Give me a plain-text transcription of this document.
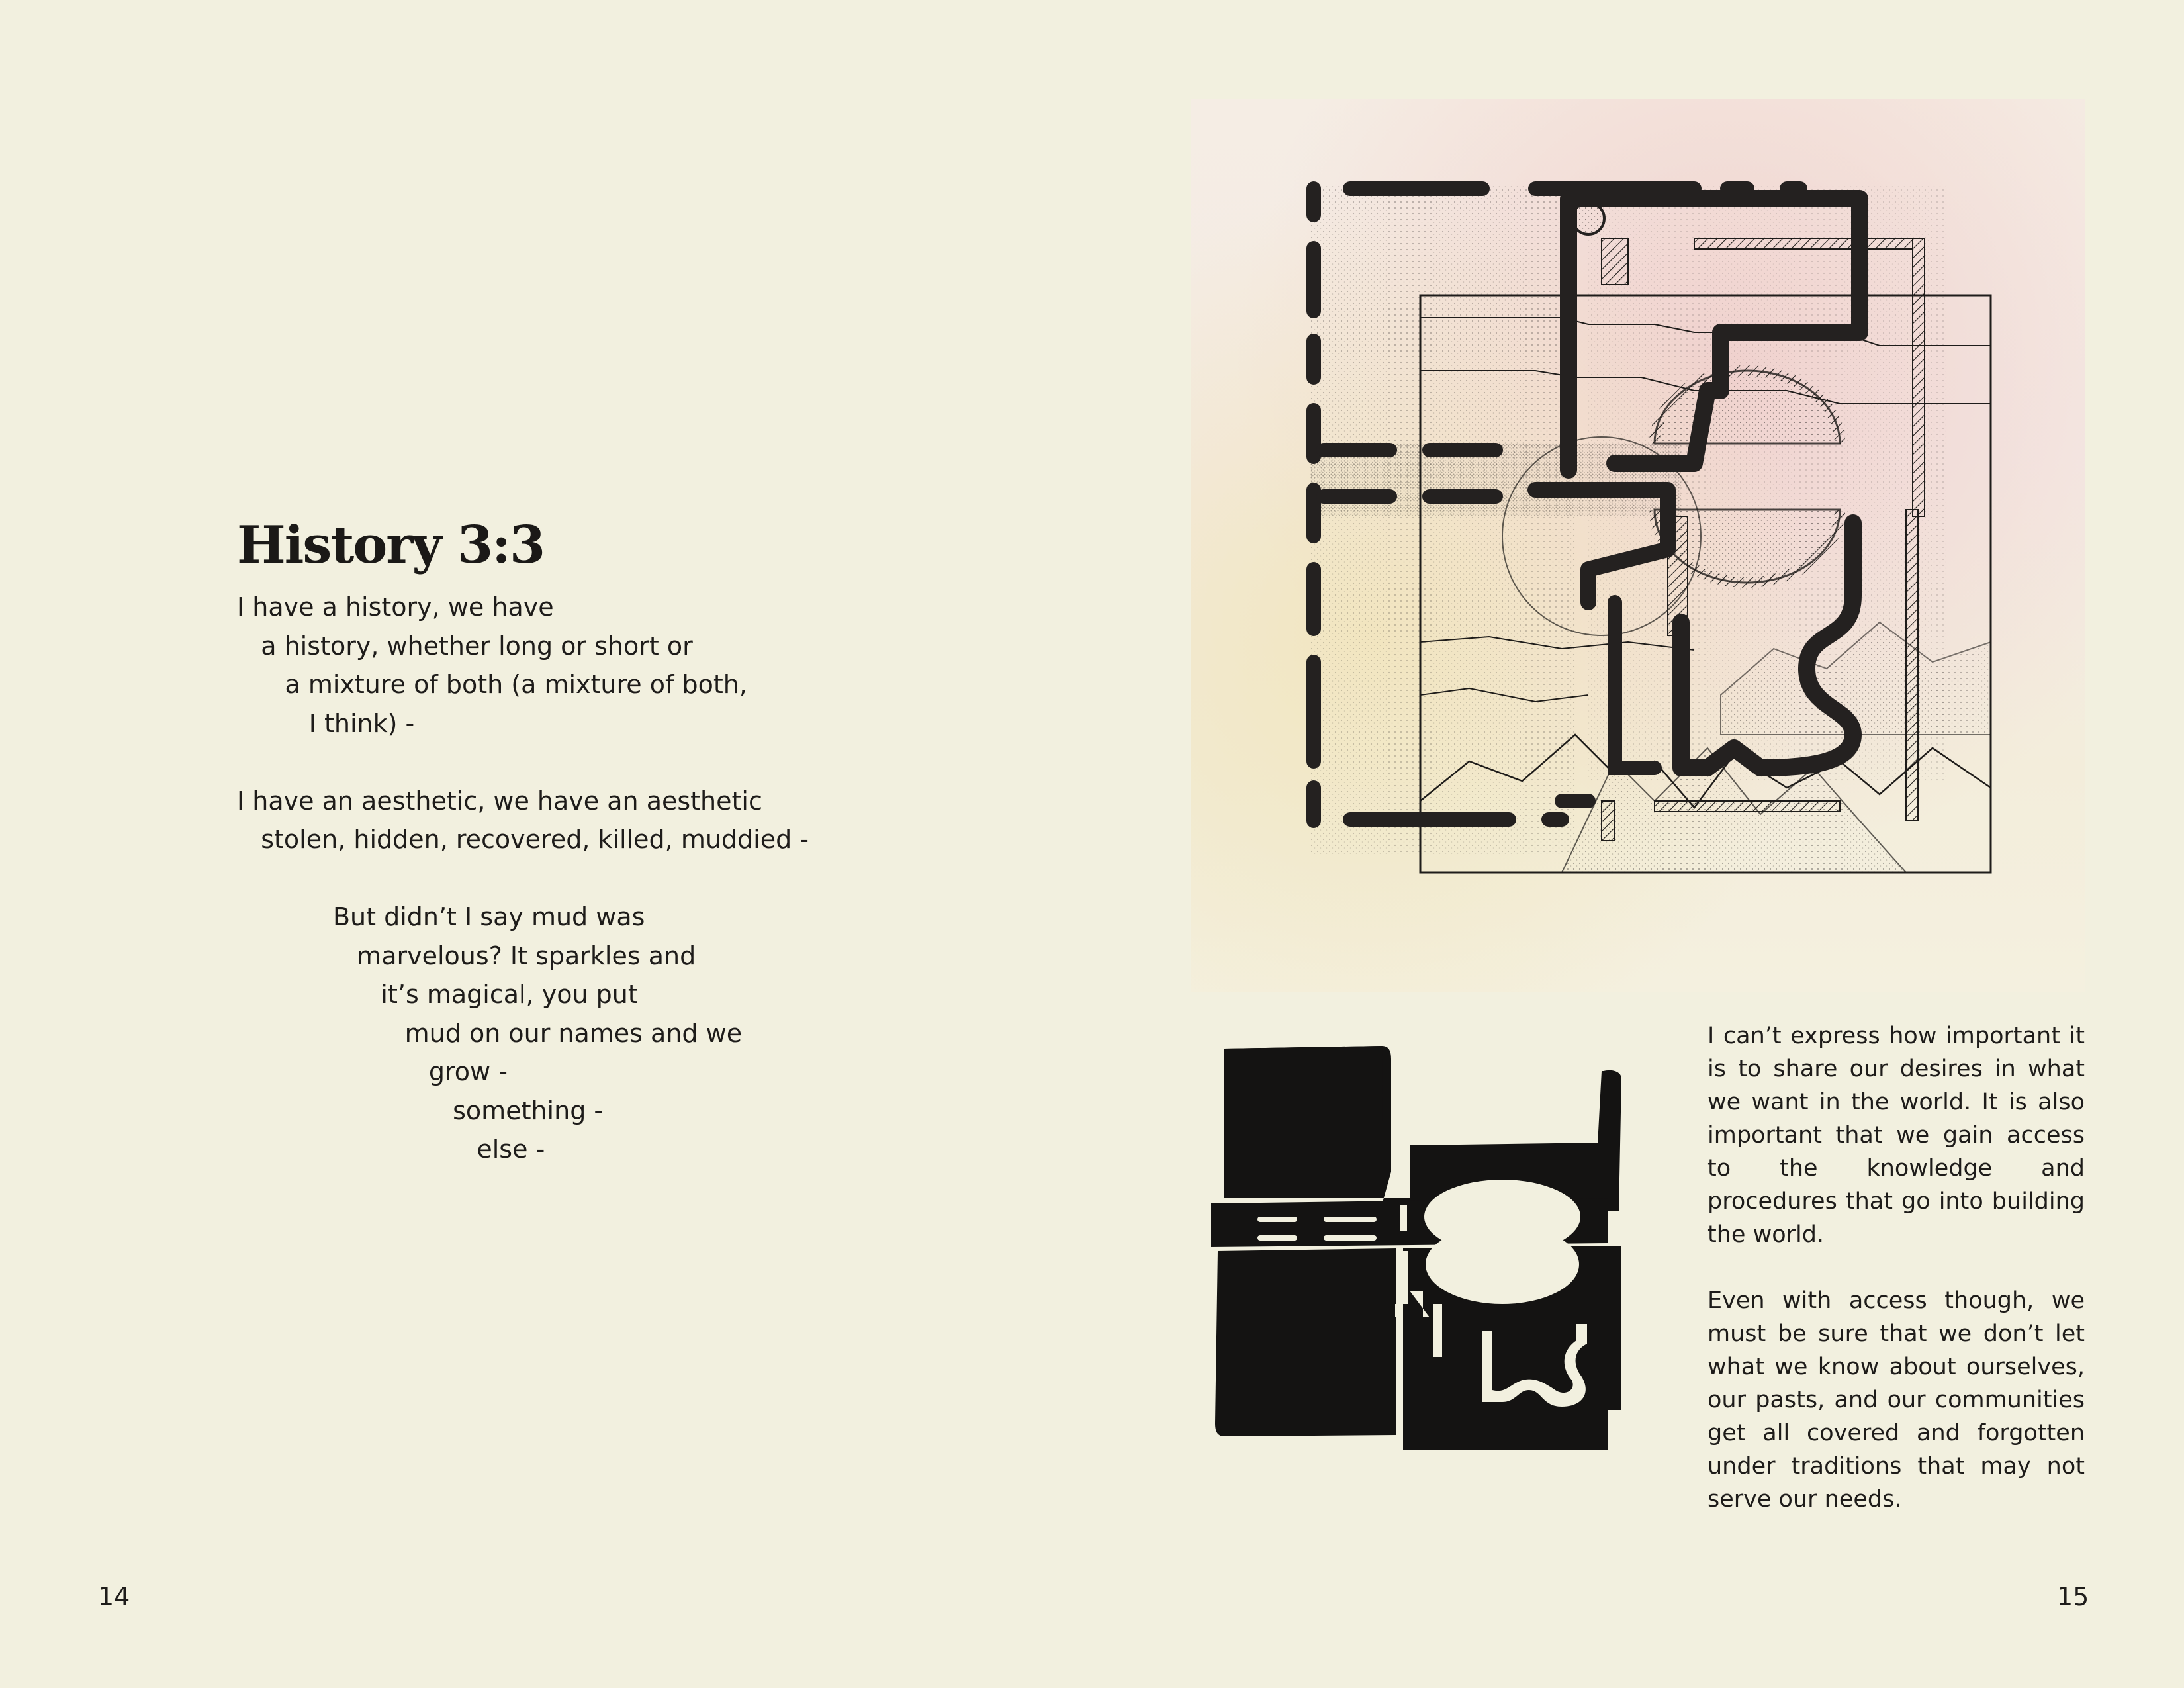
History 3:3
I have a history, we have
a history, whether long or short or
a mixture of both (a mixture of both,
I think) -
I have an aesthetic, we have an aesthetic
stolen, hidden, recovered, killed, muddied -
But didn’t I say mud was
marvelous? It sparkles and
it’s magical, you put
mud on our names and we
grow -
something -
else -
14	15

I can’t express how important it is to share our desires in what we want in the world. It is also important that we gain access to the knowledge and procedures that go into building the world.

Even with access though, we must be sure that we don’t let what we know about ourselves, our pasts, and our communities get all covered and forgotten under traditions that may not serve our needs.
